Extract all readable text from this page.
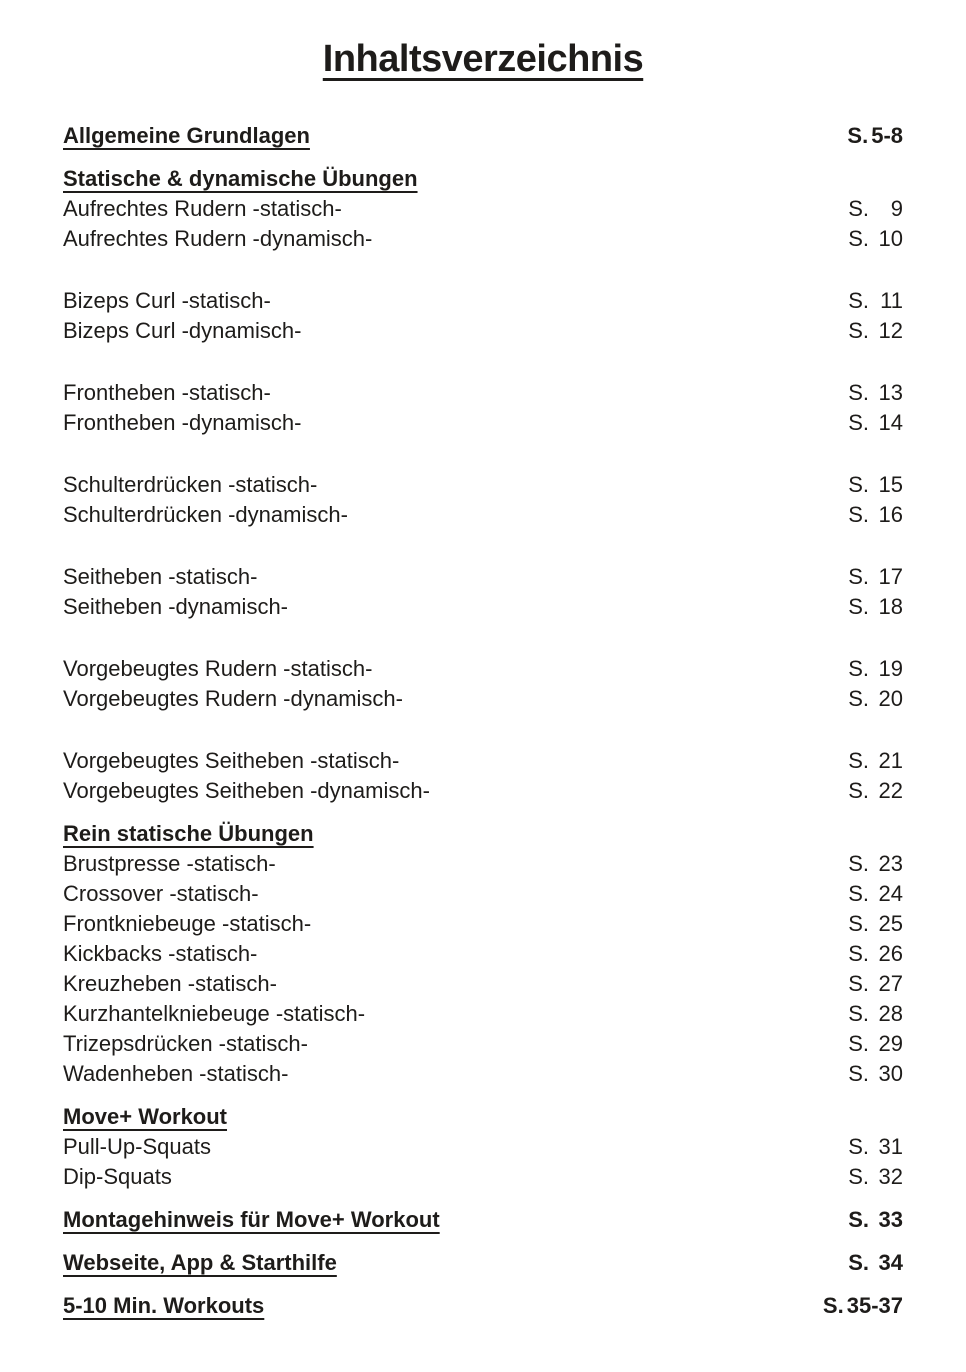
Inhaltsverzeichnis
Allgemeine Grundlagen	S. 5-8
Statische & dynamische Übungen
Aufrechtes Rudern -statisch-	S. 9
Aufrechtes Rudern -dynamisch-	S. 10
Bizeps Curl -statisch-	S. 11
Bizeps Curl -dynamisch-	S. 12
Frontheben -statisch-	S. 13
Frontheben -dynamisch-	S. 14
Schulterdrücken -statisch-	S. 15
Schulterdrücken -dynamisch-	S. 16
Seitheben -statisch-	S. 17
Seitheben -dynamisch-	S. 18
Vorgebeugtes Rudern -statisch-	S. 19
Vorgebeugtes Rudern -dynamisch-	S. 20
Vorgebeugtes Seitheben -statisch-	S. 21
Vorgebeugtes Seitheben -dynamisch-	S. 22
Rein statische Übungen
Brustpresse -statisch-	S. 23
Crossover -statisch-	S. 24
Frontkniebeuge -statisch-	S. 25
Kickbacks -statisch-	S. 26
Kreuzheben -statisch-	S. 27
Kurzhantelkniebeuge -statisch-	S. 28
Trizepsdrücken -statisch-	S. 29
Wadenheben -statisch-	S. 30
Move+ Workout
Pull-Up-Squats	S. 31
Dip-Squats	S. 32
Montagehinweis für Move+ Workout	S. 33
Webseite, App & Starthilfe	S. 34
5-10 Min. Workouts	S. 35-37
